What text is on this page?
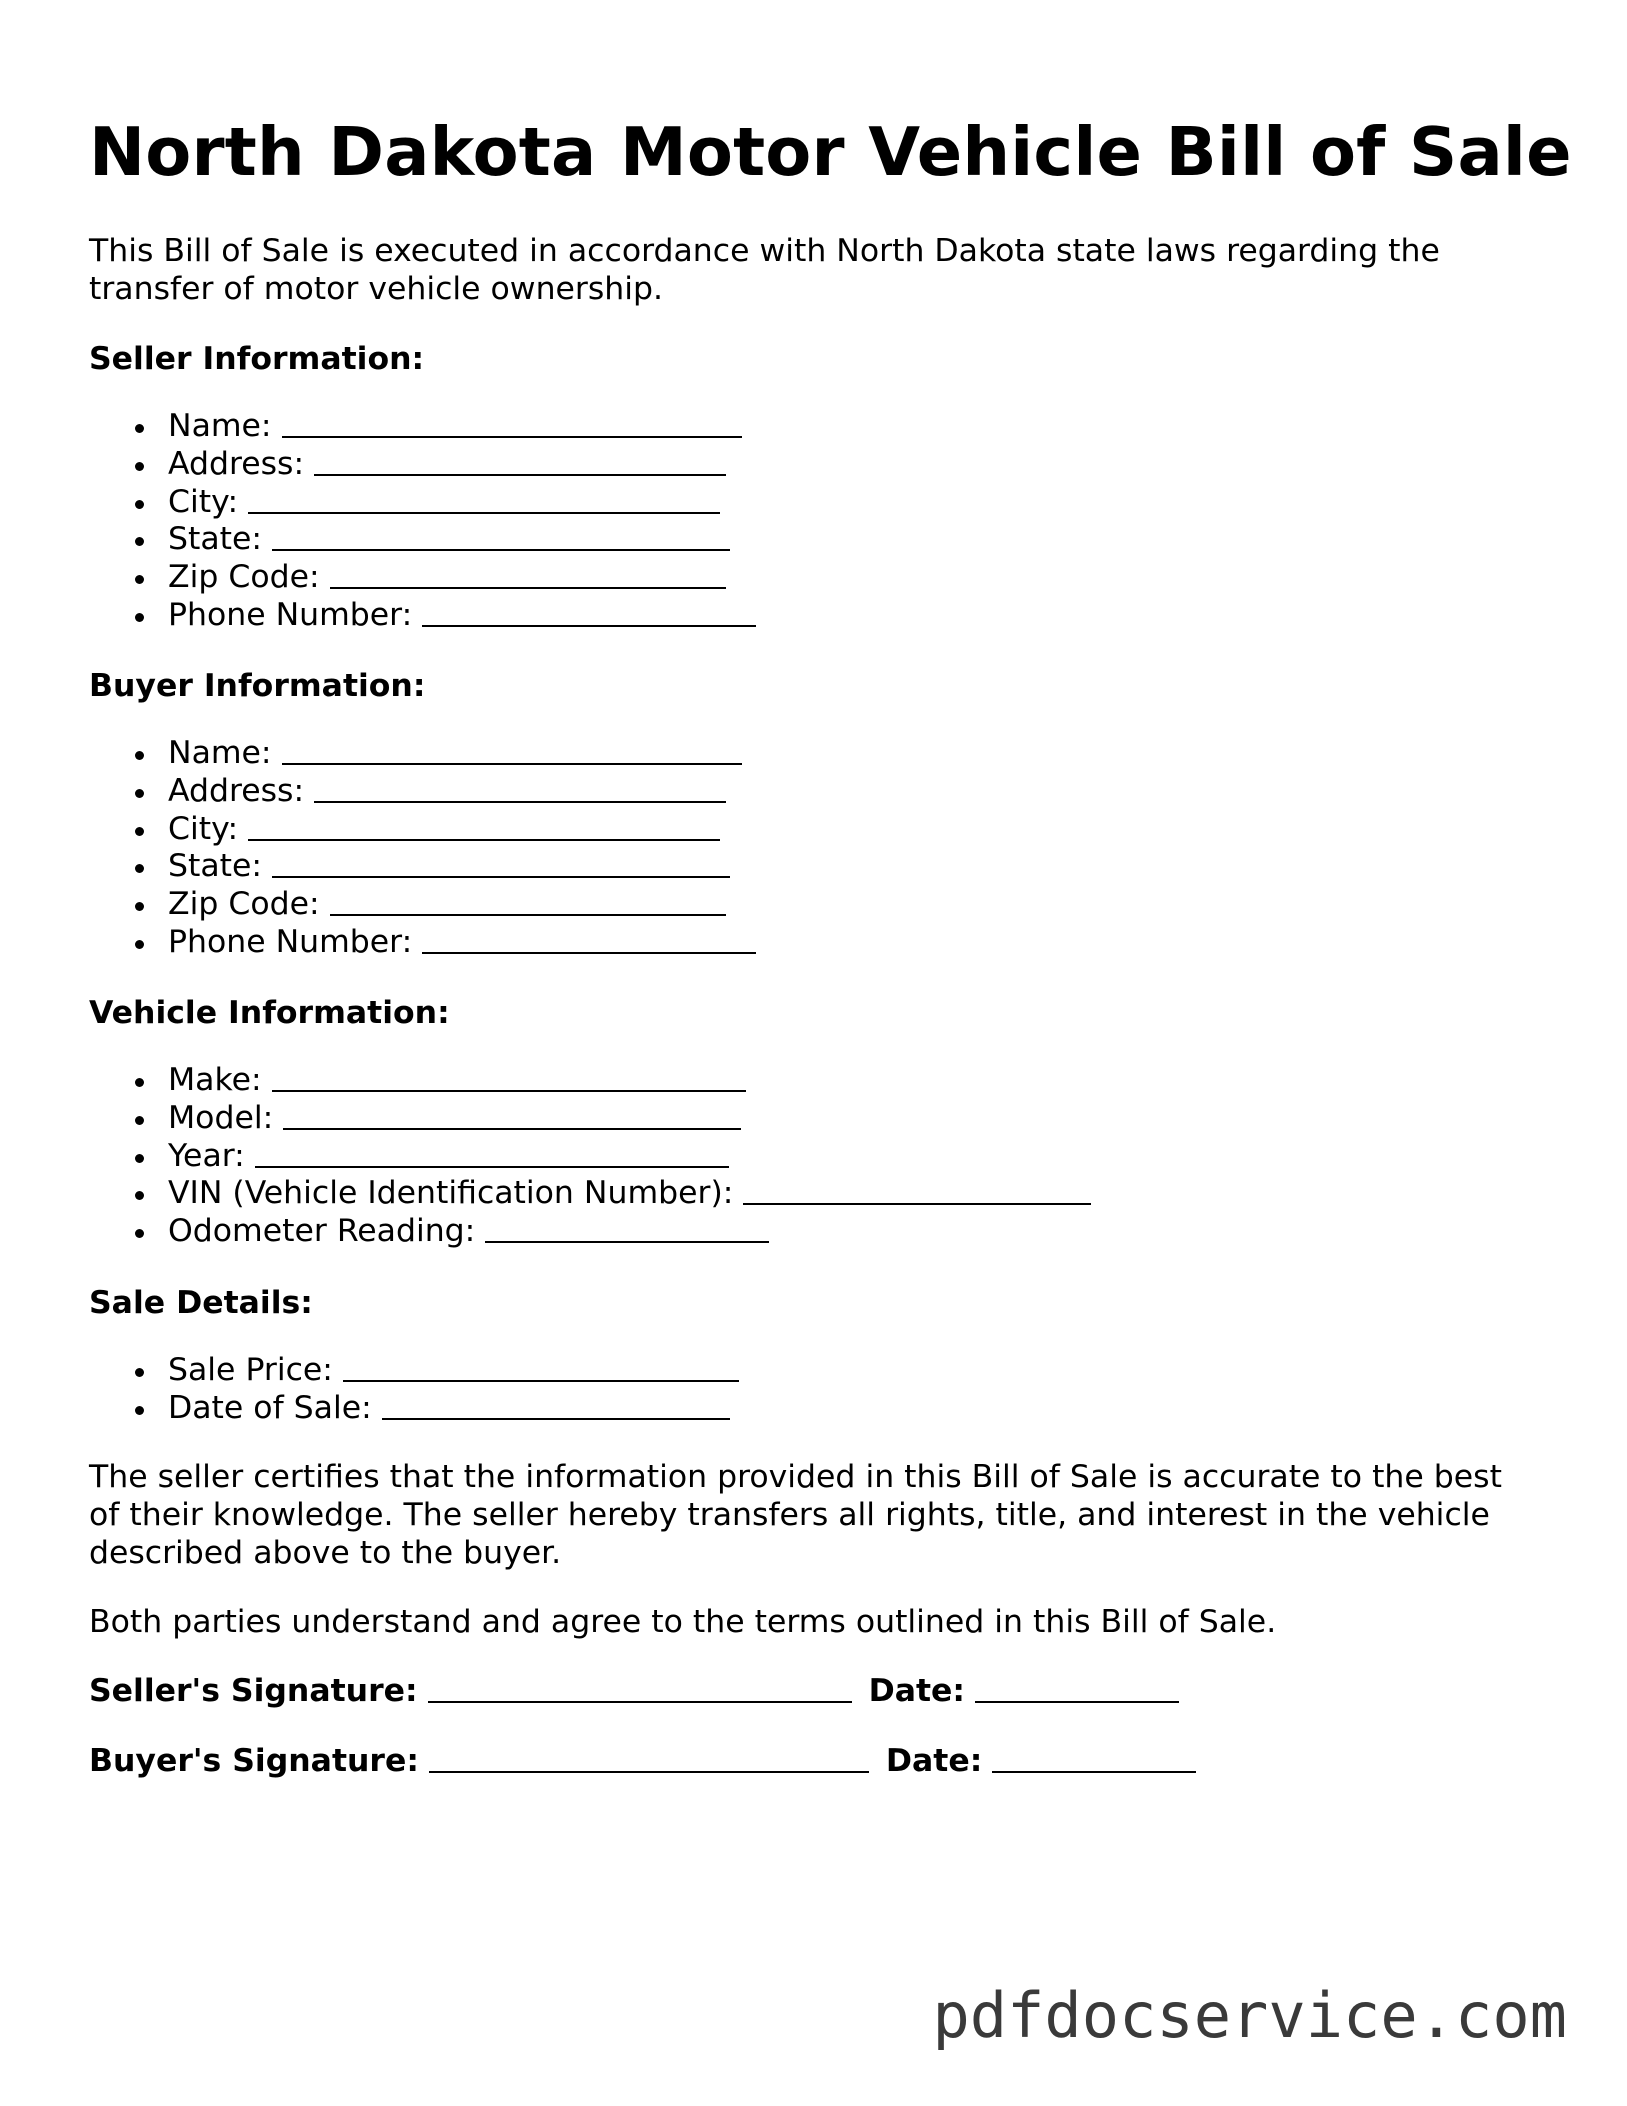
North Dakota Motor Vehicle Bill of Sale

This Bill of Sale is executed in accordance with North Dakota state laws regarding the transfer of motor vehicle ownership.

Seller Information:

Name:
Address:
City:
State:
Zip Code:
Phone Number:

Buyer Information:

Name:
Address:
City:
State:
Zip Code:
Phone Number:

Vehicle Information:

Make:
Model:
Year:
VIN (Vehicle Identification Number):
Odometer Reading:

Sale Details:

Sale Price:
Date of Sale:

The seller certifies that the information provided in this Bill of Sale is accurate to the best of their knowledge. The seller hereby transfers all rights, title, and interest in the vehicle described above to the buyer.

Both parties understand and agree to the terms outlined in this Bill of Sale.

Seller's Signature:	Date:

Buyer's Signature:	Date:

pdfdocservice.com
